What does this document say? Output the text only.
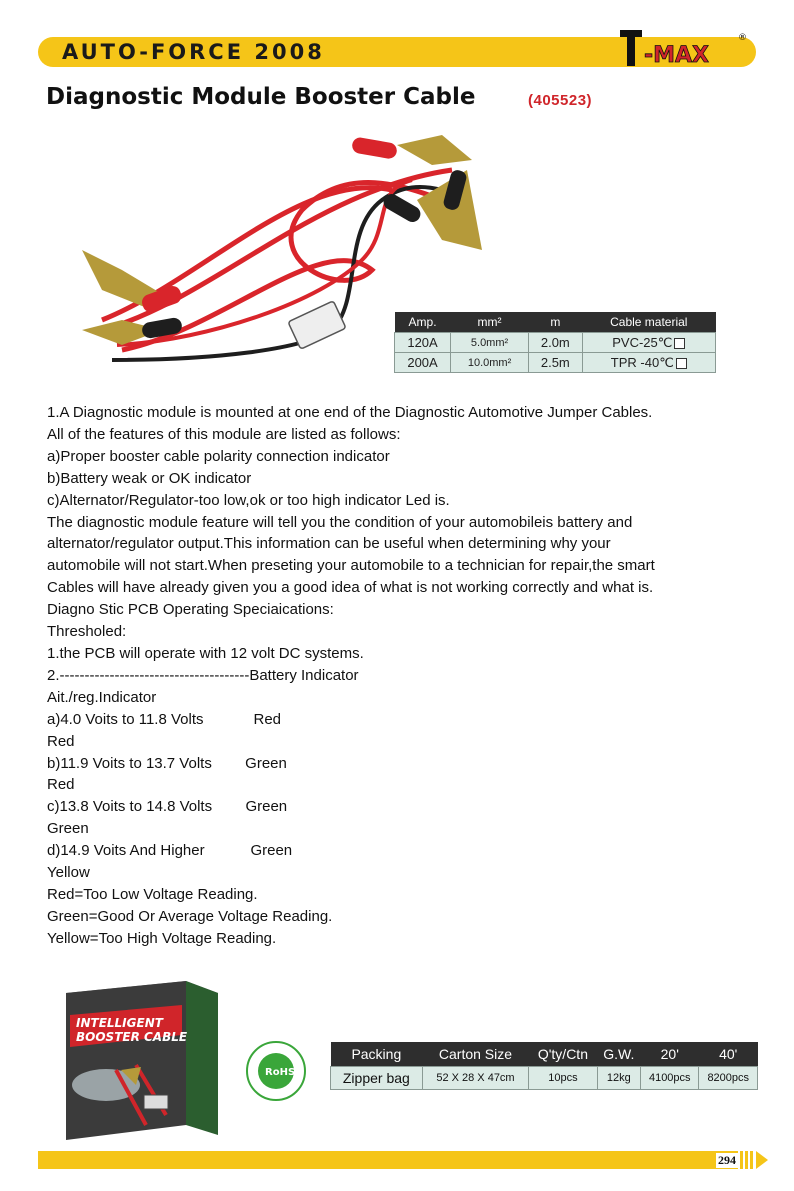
AUTO-FORCE 2008	-MAX
®
Diagnostic Module Booster Cable	(405523)
Amp.	mm²	m	Cable material
120A	5.0mm²	2.0m	PVC-25℃
200A	10.0mm²	2.5m	TPR -40℃
1.A Diagnostic module is mounted at one end of the Diagnostic Automotive Jumper Cables.
All of the features of this module are listed as follows:
a)Proper booster cable polarity connection indicator
b)Battery weak or OK indicator
c)Alternator/Regulator-too low,ok or too high indicator Led is.
The diagnostic module feature will tell you the condition of your automobileis battery and
alternator/regulator output.This information can be useful when determining why your
automobile will not start.When preseting your automobile to a technician for repair,the smart
Cables will have already given you a good idea of what is not working correctly and what is.
Diagno Stic PCB Operating Speciaications:
Thresholed:
1.the PCB will operate with 12 volt DC systems.
2.--------------------------------------Battery Indicator
Ait./reg.Indicator
a)4.0 Voits to 11.8 Volts            Red
Red
b)11.9 Voits to 13.7 Volts        Green
Red
c)13.8 Voits to 14.8 Volts        Green
Green
d)14.9 Voits And Higher           Green
Yellow
Red=Too Low Voltage Reading.
Green=Good Or Average Voltage Reading.
Yellow=Too High Voltage Reading.
INTELLIGENT
BOOSTER CABLE
RoHS
RoHS
Packing	Carton Size	Q'ty/Ctn	G.W.	20'	40'
Zipper bag	52 X 28 X 47cm	10pcs	12kg	4100pcs	8200pcs
294
